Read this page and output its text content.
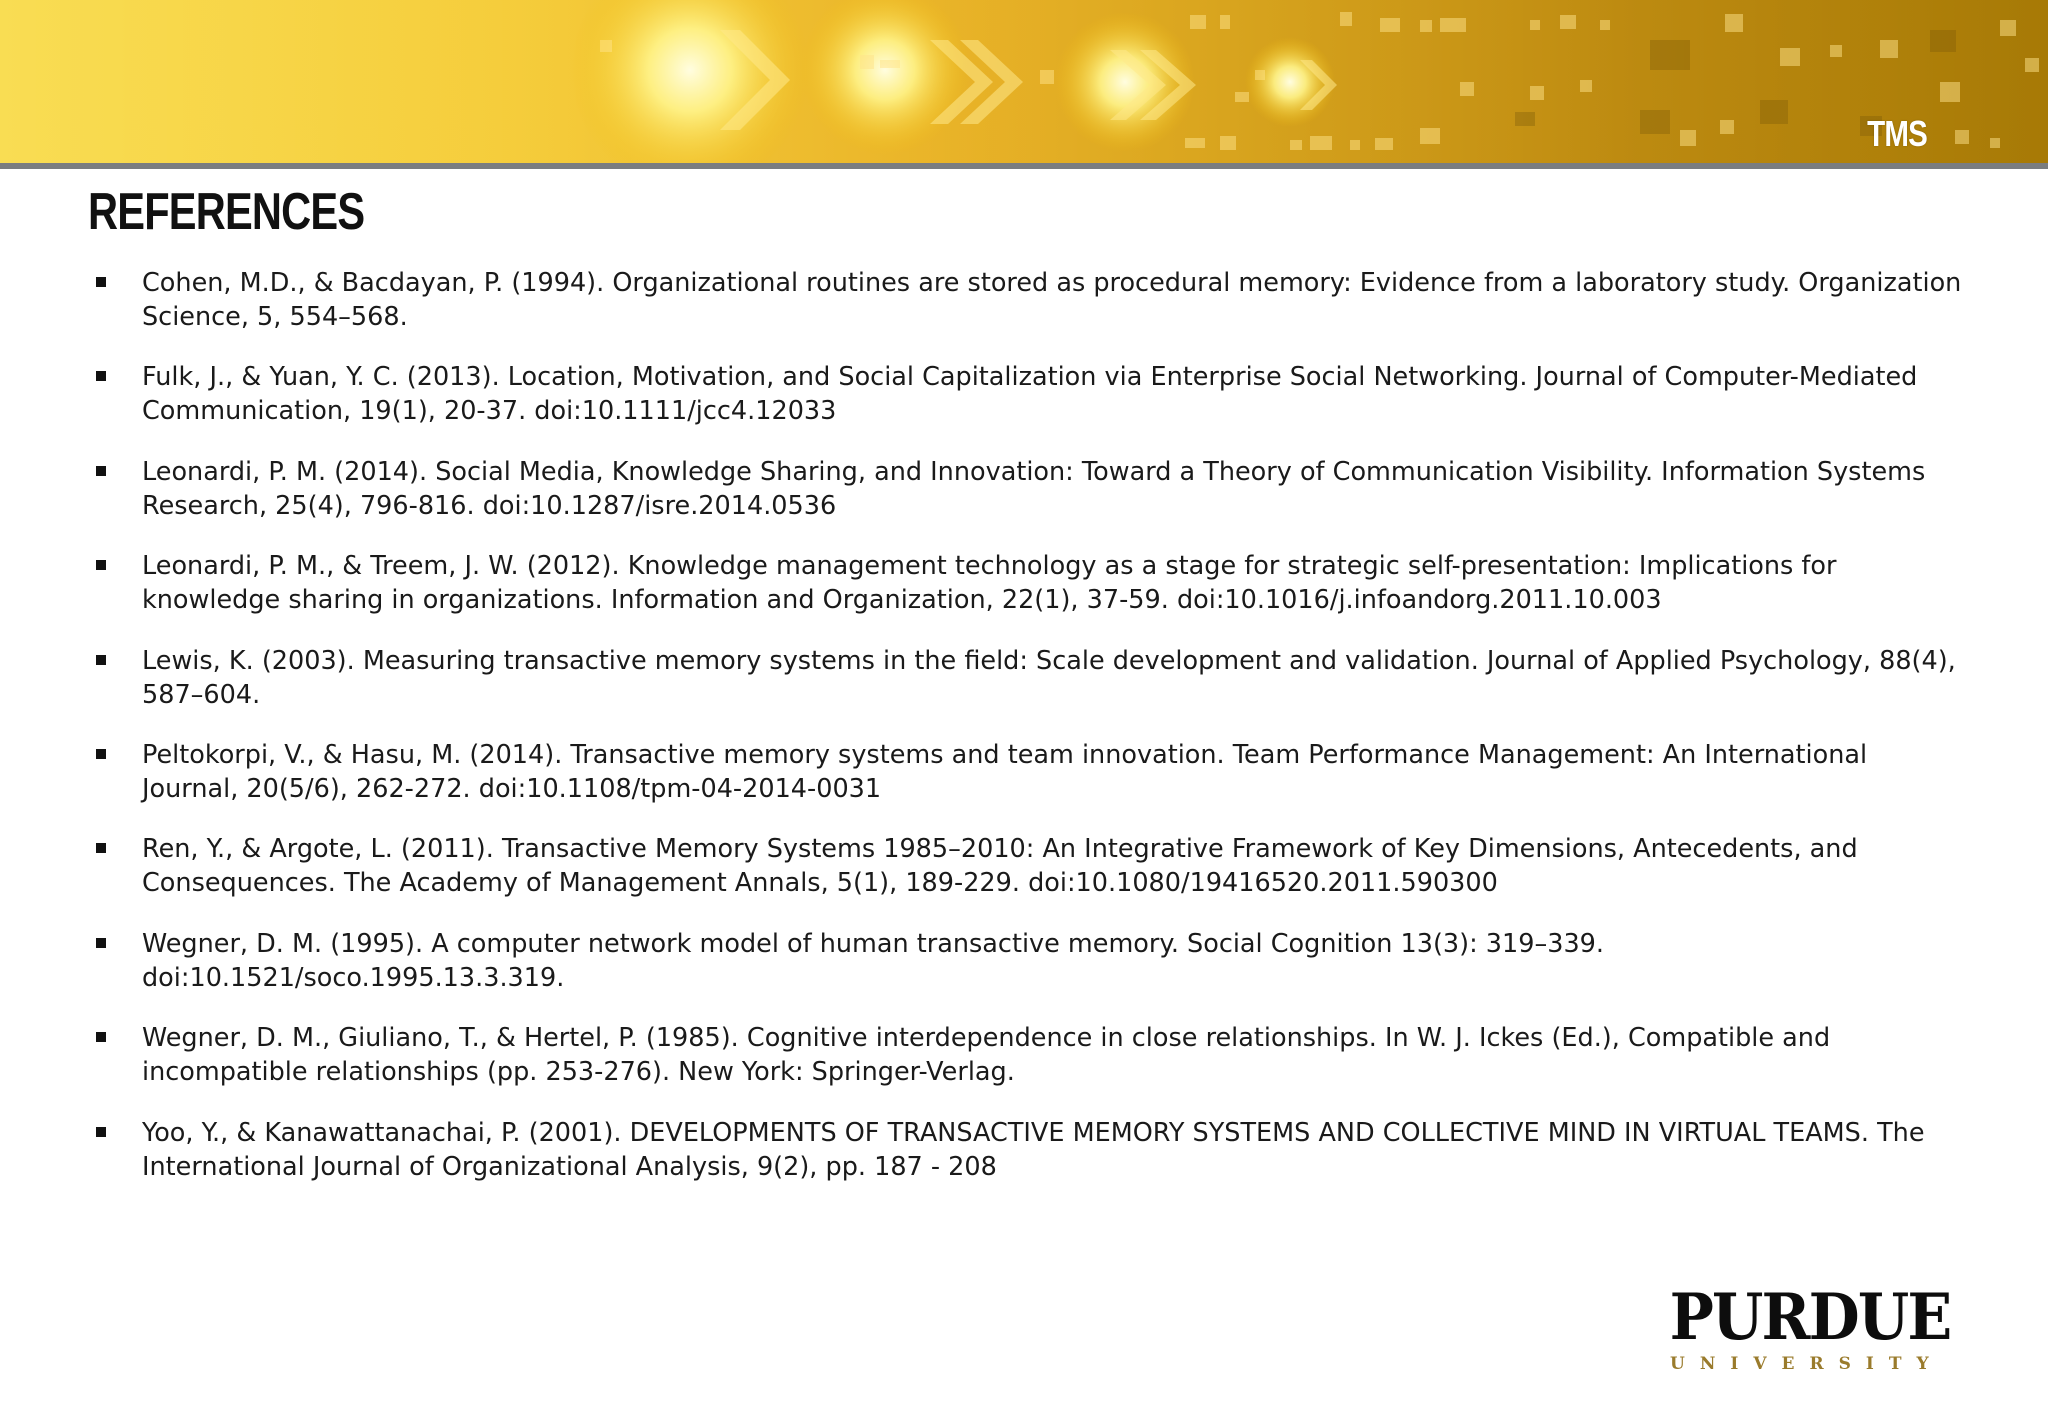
TMS
REFERENCES
Cohen, M.D., & Bacdayan, P. (1994). Organizational routines are stored as procedural memory: Evidence from a laboratory study. Organization Science, 5, 554–568.
Fulk, J., & Yuan, Y. C. (2013). Location, Motivation, and Social Capitalization via Enterprise Social Networking. Journal of Computer-Mediated Communication, 19(1), 20-37. doi:10.1111/jcc4.12033
Leonardi, P. M. (2014). Social Media, Knowledge Sharing, and Innovation: Toward a Theory of Communication Visibility. Information Systems Research, 25(4), 796-816. doi:10.1287/isre.2014.0536
Leonardi, P. M., & Treem, J. W. (2012). Knowledge management technology as a stage for strategic self-presentation: Implications for knowledge sharing in organizations. Information and Organization, 22(1), 37-59. doi:10.1016/j.infoandorg.2011.10.003
Lewis, K. (2003). Measuring transactive memory systems in the field: Scale development and validation. Journal of Applied Psychology, 88(4), 587–604.
Peltokorpi, V., & Hasu, M. (2014). Transactive memory systems and team innovation. Team Performance Management: An International Journal, 20(5/6), 262-272. doi:10.1108/tpm-04-2014-0031
Ren, Y., & Argote, L. (2011). Transactive Memory Systems 1985–2010: An Integrative Framework of Key Dimensions, Antecedents, and Consequences. The Academy of Management Annals, 5(1), 189-229. doi:10.1080/19416520.2011.590300
Wegner, D. M. (1995). A computer network model of human transactive memory. Social Cognition 13(3): 319–339. doi:10.1521/soco.1995.13.3.319.
Wegner, D. M., Giuliano, T., & Hertel, P. (1985). Cognitive interdependence in close relationships. In W. J. Ickes (Ed.), Compatible and incompatible relationships (pp. 253-276). New York: Springer-Verlag.
Yoo, Y., & Kanawattanachai, P. (2001). DEVELOPMENTS OF TRANSACTIVE MEMORY SYSTEMS AND COLLECTIVE MIND IN VIRTUAL TEAMS. The International Journal of Organizational Analysis, 9(2), pp. 187 - 208
PURDUE
UNIVERSITY
